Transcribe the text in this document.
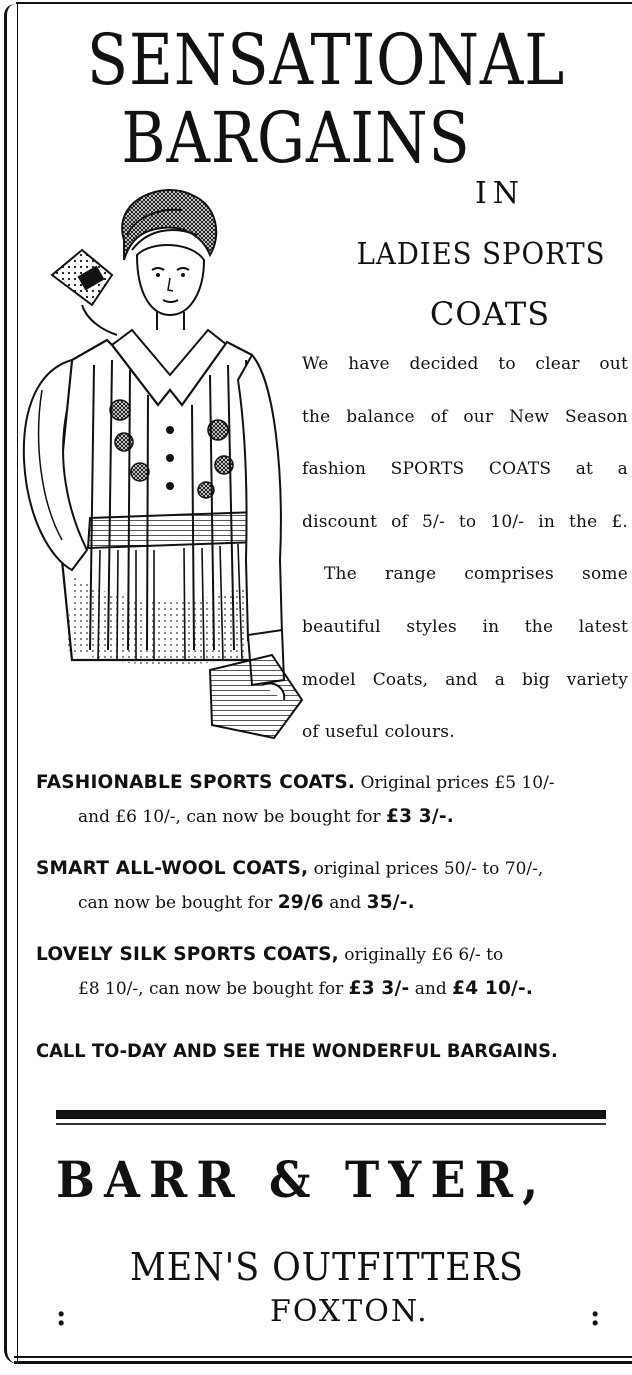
SENSATIONAL
BARGAINS
IN
LADIES SPORTS
COATS
We have decided to clear out
the balance of our New Season
fashion SPORTS COATS at a
discount of 5/- to 10/- in the £.
The range comprises some
beautiful styles in the latest
model Coats, and a big variety
of useful colours.
FASHIONABLE SPORTS COATS. Original prices £5 10/-
and £6 10/-, can now be bought for £3 3/-.
SMART ALL-WOOL COATS, original prices 50/- to 70/-,
can now be bought for 29/6 and 35/-.
LOVELY SILK SPORTS COATS, originally £6 6/- to
£8 10/-, can now be bought for £3 3/- and £4 10/-.
CALL TO-DAY AND SEE THE WONDERFUL BARGAINS.
BARR & TYER,
MEN'S OUTFITTERS
FOXTON.
:	:
